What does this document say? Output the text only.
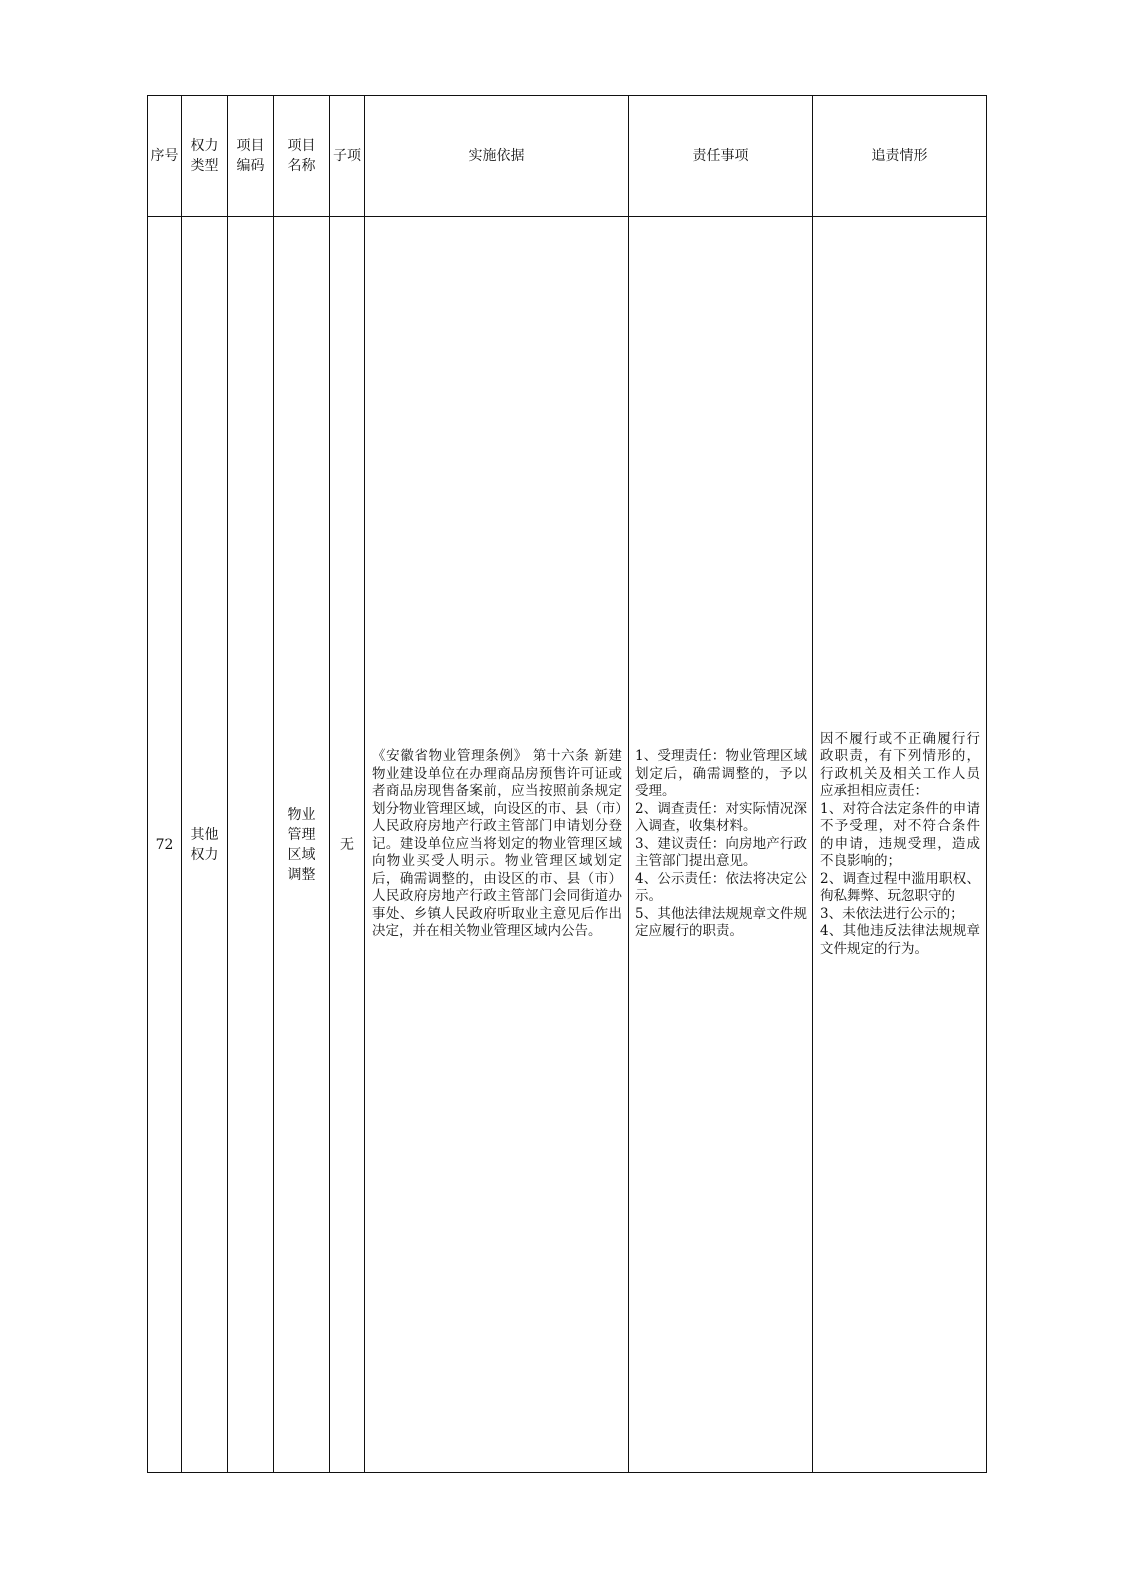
序号	权力类型	项目编码	项目名称	子项	实施依据	责任事项	追责情形
72	其他权力		物业管理区域调整	无	《安徽省物业管理条例》 第十六条 新建物业建设单位在办理商品房预售许可证或者商品房现售备案前，应当按照前条规定划分物业管理区域，向设区的市、县（市）人民政府房地产行政主管部门申请划分登记。建设单位应当将划定的物业管理区域向物业买受人明示。物业管理区域划定后，确需调整的，由设区的市、县（市）人民政府房地产行政主管部门会同街道办事处、乡镇人民政府听取业主意见后作出决定，并在相关物业管理区域内公告。	1、受理责任：物业管理区域划定后，确需调整的，予以受理。
2、调查责任：对实际情况深入调查，收集材料。
3、建议责任：向房地产行政主管部门提出意见。
4、公示责任：依法将决定公示。
5、其他法律法规规章文件规定应履行的职责。	因不履行或不正确履行行政职责，有下列情形的，行政机关及相关工作人员应承担相应责任：
1、对符合法定条件的申请不予受理，对不符合条件的申请，违规受理，造成不良影响的；
2、调查过程中滥用职权、徇私舞弊、玩忽职守的
3、未依法进行公示的；
4、其他违反法律法规规章文件规定的行为。
